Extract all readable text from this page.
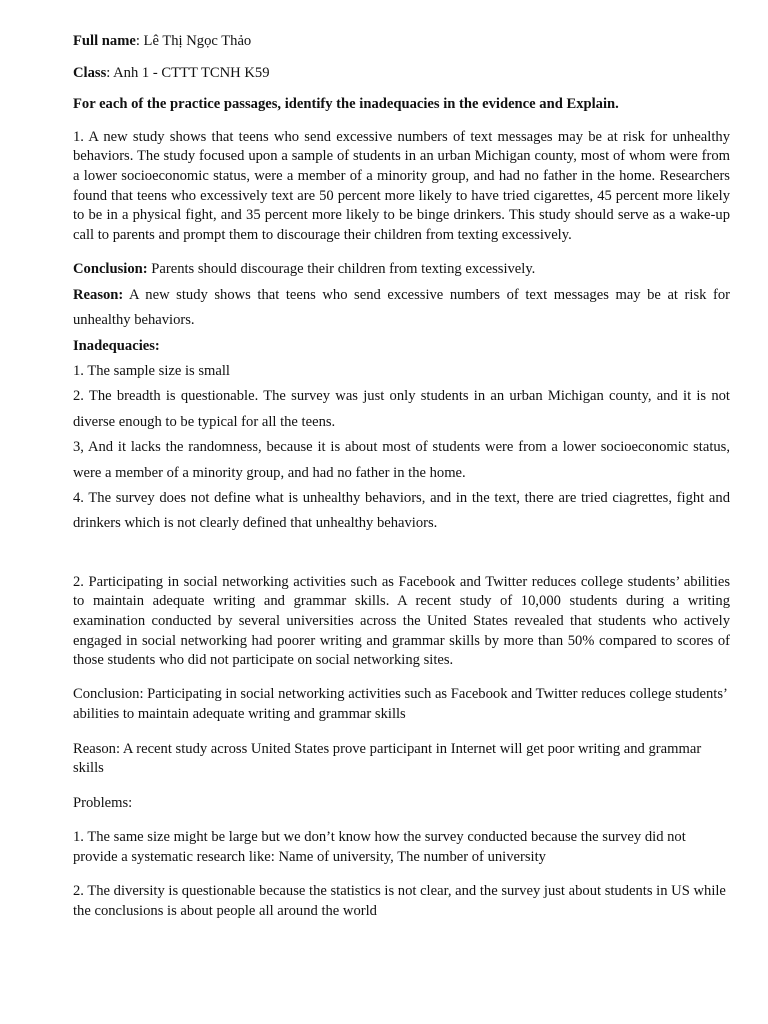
Full name: Lê Thị Ngọc Thảo

Class: Anh 1 - CTTT TCNH K59

For each of the practice passages, identify the inadequacies in the evidence and Explain.

1. A new study shows that teens who send excessive numbers of text messages may be at risk for unhealthy behaviors. The study focused upon a sample of students in an urban Michigan county, most of whom were from a lower socioeconomic status, were a member of a minority group, and had no father in the home. Researchers found that teens who excessively text are 50 percent more likely to have tried cigarettes, 45 percent more likely to be in a physical fight, and 35 percent more likely to be binge drinkers. This study should serve as a wake-up call to parents and prompt them to discourage their children from texting excessively.

Conclusion: Parents should discourage their children from texting excessively.

Reason: A new study shows that teens who send excessive numbers of text messages may be at risk for unhealthy behaviors.

Inadequacies:

1. The sample size is small

2. The breadth is questionable. The survey was just only students in an urban Michigan county, and it is not diverse enough to be typical for all the teens.

3, And it lacks the randomness, because it is about most of students were from a lower socioeconomic status, were a member of a minority group, and had no father in the home.

4. The survey does not define what is unhealthy behaviors, and in the text, there are tried ciagrettes, fight and drinkers which is not clearly defined that unhealthy behaviors.

2. Participating in social networking activities such as Facebook and Twitter reduces college students’ abilities to maintain adequate writing and grammar skills. A recent study of 10,000 students during a writing examination conducted by several universities across the United States revealed that students who actively engaged in social networking had poorer writing and grammar skills by more than 50% compared to scores of those students who did not participate on social networking sites.

Conclusion: Participating in social networking activities such as Facebook and Twitter reduces college students’ abilities to maintain adequate writing and grammar skills

Reason: A recent study across United States prove participant in Internet will get poor writing and grammar skills

Problems:

1. The same size might be large but we don’t know how the survey conducted because the survey did not provide a systematic research like: Name of university, The number of university

2. The diversity is questionable because the statistics is not clear, and the survey just about students in US while the conclusions is about people all around the world
